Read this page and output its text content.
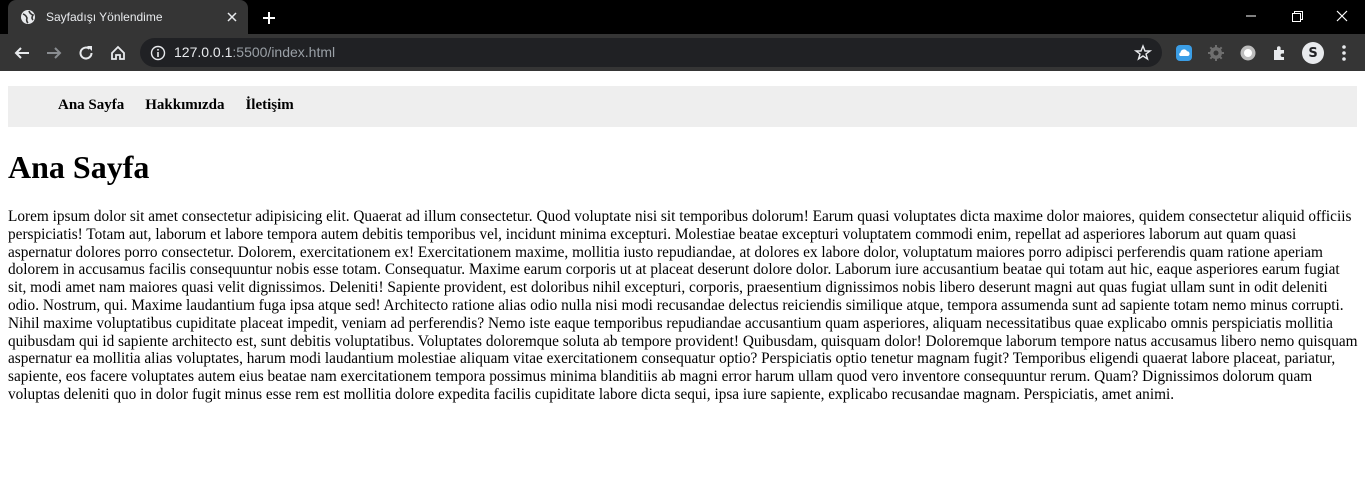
Sayfadışı Yönlendime
127.0.0.1:5500/index.html	S
Ana Sayfa Hakkımızda İletişim
Ana Sayfa

Lorem ipsum dolor sit amet consectetur adipisicing elit. Quaerat ad illum consectetur. Quod voluptate nisi sit temporibus dolorum! Earum quasi voluptates dicta maxime dolor maiores, quidem consectetur aliquid officiis perspiciatis! Totam aut, laborum et labore tempora autem debitis temporibus vel, incidunt minima excepturi. Molestiae beatae excepturi voluptatem commodi enim, repellat ad asperiores laborum aut quam quasi aspernatur dolores porro consectetur. Dolorem, exercitationem ex! Exercitationem maxime, mollitia iusto repudiandae, at dolores ex labore dolor, voluptatum maiores porro adipisci perferendis quam ratione aperiam dolorem in accusamus facilis consequuntur nobis esse totam. Consequatur. Maxime earum corporis ut at placeat deserunt dolore dolor. Laborum iure accusantium beatae qui totam aut hic, eaque asperiores earum fugiat sit, modi amet nam maiores quasi velit dignissimos. Deleniti! Sapiente provident, est doloribus nihil excepturi, corporis, praesentium dignissimos nobis libero deserunt magni aut quas fugiat ullam sunt in odit deleniti odio. Nostrum, qui. Maxime laudantium fuga ipsa atque sed! Architecto ratione alias odio nulla nisi modi recusandae delectus reiciendis similique atque, tempora assumenda sunt ad sapiente totam nemo minus corrupti. Nihil maxime voluptatibus cupiditate placeat impedit, veniam ad perferendis? Nemo iste eaque temporibus repudiandae accusantium quam asperiores, aliquam necessitatibus quae explicabo omnis perspiciatis mollitia quibusdam qui id sapiente architecto est, sunt debitis voluptatibus. Voluptates doloremque soluta ab tempore provident! Quibusdam, quisquam dolor! Doloremque laborum tempore natus accusamus libero nemo quisquam aspernatur ea mollitia alias voluptates, harum modi laudantium molestiae aliquam vitae exercitationem consequatur optio? Perspiciatis optio tenetur magnam fugit? Temporibus eligendi quaerat labore placeat, pariatur, sapiente, eos facere voluptates autem eius beatae nam exercitationem tempora possimus minima blanditiis ab magni error harum ullam quod vero inventore consequuntur rerum. Quam? Dignissimos dolorum quam voluptas deleniti quo in dolor fugit minus esse rem est mollitia dolore expedita facilis cupiditate labore dicta sequi, ipsa iure sapiente, explicabo recusandae magnam. Perspiciatis, amet animi.
